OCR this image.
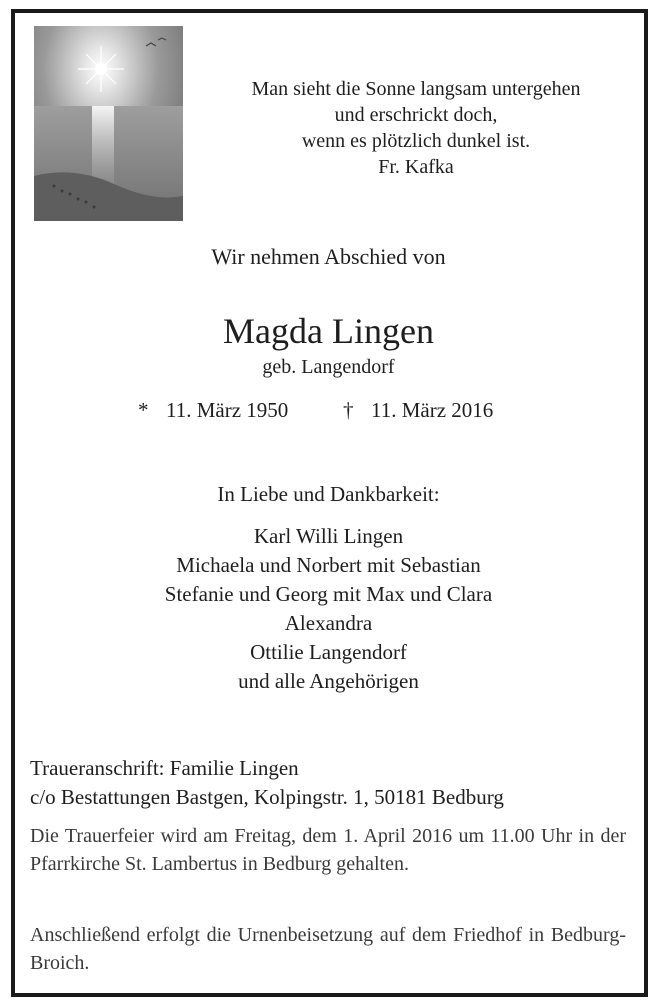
Man sieht die Sonne langsam untergehen
und erschrickt doch,
wenn es plötzlich dunkel ist.
Fr. Kafka
Wir nehmen Abschied von
Magda Lingen
geb. Langendorf
* 11. März 1950	† 11. März 2016
In Liebe und Dankbarkeit:
Karl Willi Lingen
Michaela und Norbert mit Sebastian
Stefanie und Georg mit Max und Clara
Alexandra
Ottilie Langendorf
und alle Angehörigen
Traueranschrift: Familie Lingen
c/o Bestattungen Bastgen, Kolpingstr. 1, 50181 Bedburg
Die Trauerfeier wird am Freitag, dem 1. April 2016 um 11.00 Uhr in der Pfarrkirche St. Lambertus in Bedburg gehalten.
Anschließend erfolgt die Urnenbeisetzung auf dem Friedhof in Bedburg-Broich.
